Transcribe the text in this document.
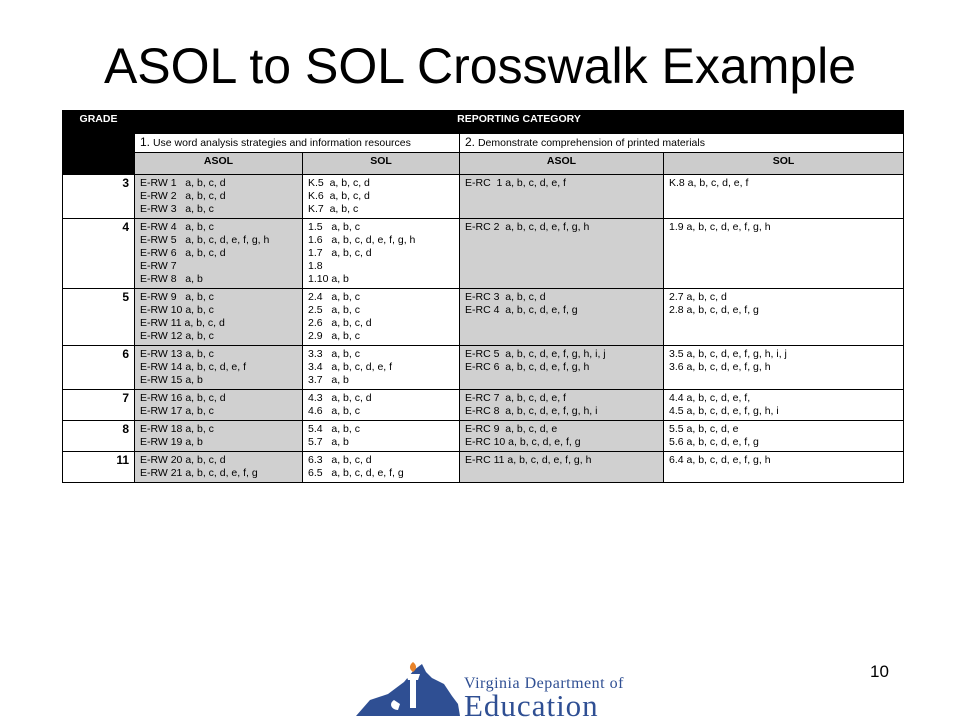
ASOL to SOL Crosswalk Example
GRADE	REPORTING CATEGORY			
	1. Use word analysis strategies and information resources		2. Demonstrate comprehension of printed materials	
	ASOL	SOL	ASOL	SOL
3	E-RW 1   a, b, c, d
E-RW 2   a, b, c, d
E-RW 3   a, b, c	K.5  a, b, c, d
K.6  a, b, c, d
K.7  a, b, c	E-RC  1 a, b, c, d, e, f	K.8 a, b, c, d, e, f

4	E-RW 4   a, b, c
E-RW 5   a, b, c, d, e, f, g, h
E-RW 6   a, b, c, d
E-RW 7
E-RW 8   a, b	1.5   a, b, c
1.6   a, b, c, d, e, f, g, h
1.7   a, b, c, d
1.8
1.10 a, b	E-RC 2  a, b, c, d, e, f, g, h	1.9 a, b, c, d, e, f, g, h

5	E-RW 9   a, b, c
E-RW 10 a, b, c
E-RW 11 a, b, c, d
E-RW 12 a, b, c	2.4   a, b, c
2.5   a, b, c
2.6   a, b, c, d
2.9   a, b, c	E-RC 3  a, b, c, d
E-RC 4  a, b, c, d, e, f, g	2.7 a, b, c, d
2.8 a, b, c, d, e, f, g

6	E-RW 13 a, b, c
E-RW 14 a, b, c, d, e, f
E-RW 15 a, b	3.3   a, b, c
3.4   a, b, c, d, e, f
3.7   a, b	E-RC 5  a, b, c, d, e, f, g, h, i, j
E-RC 6  a, b, c, d, e, f, g, h	3.5 a, b, c, d, e, f, g, h, i, j
3.6 a, b, c, d, e, f, g, h

7	E-RW 16 a, b, c, d
E-RW 17 a, b, c	4.3   a, b, c, d
4.6   a, b, c	E-RC 7  a, b, c, d, e, f
E-RC 8  a, b, c, d, e, f, g, h, i	4.4 a, b, c, d, e, f,
4.5 a, b, c, d, e, f, g, h, i

8	E-RW 18 a, b, c
E-RW 19 a, b	5.4   a, b, c
5.7   a, b	E-RC 9  a, b, c, d, e
E-RC 10 a, b, c, d, e, f, g	5.5 a, b, c, d, e
5.6 a, b, c, d, e, f, g

11	E-RW 20 a, b, c, d
E-RW 21 a, b, c, d, e, f, g	6.3   a, b, c, d
6.5   a, b, c, d, e, f, g	E-RC 11 a, b, c, d, e, f, g, h	6.4 a, b, c, d, e, f, g, h
10
Virginia Department of
Education
